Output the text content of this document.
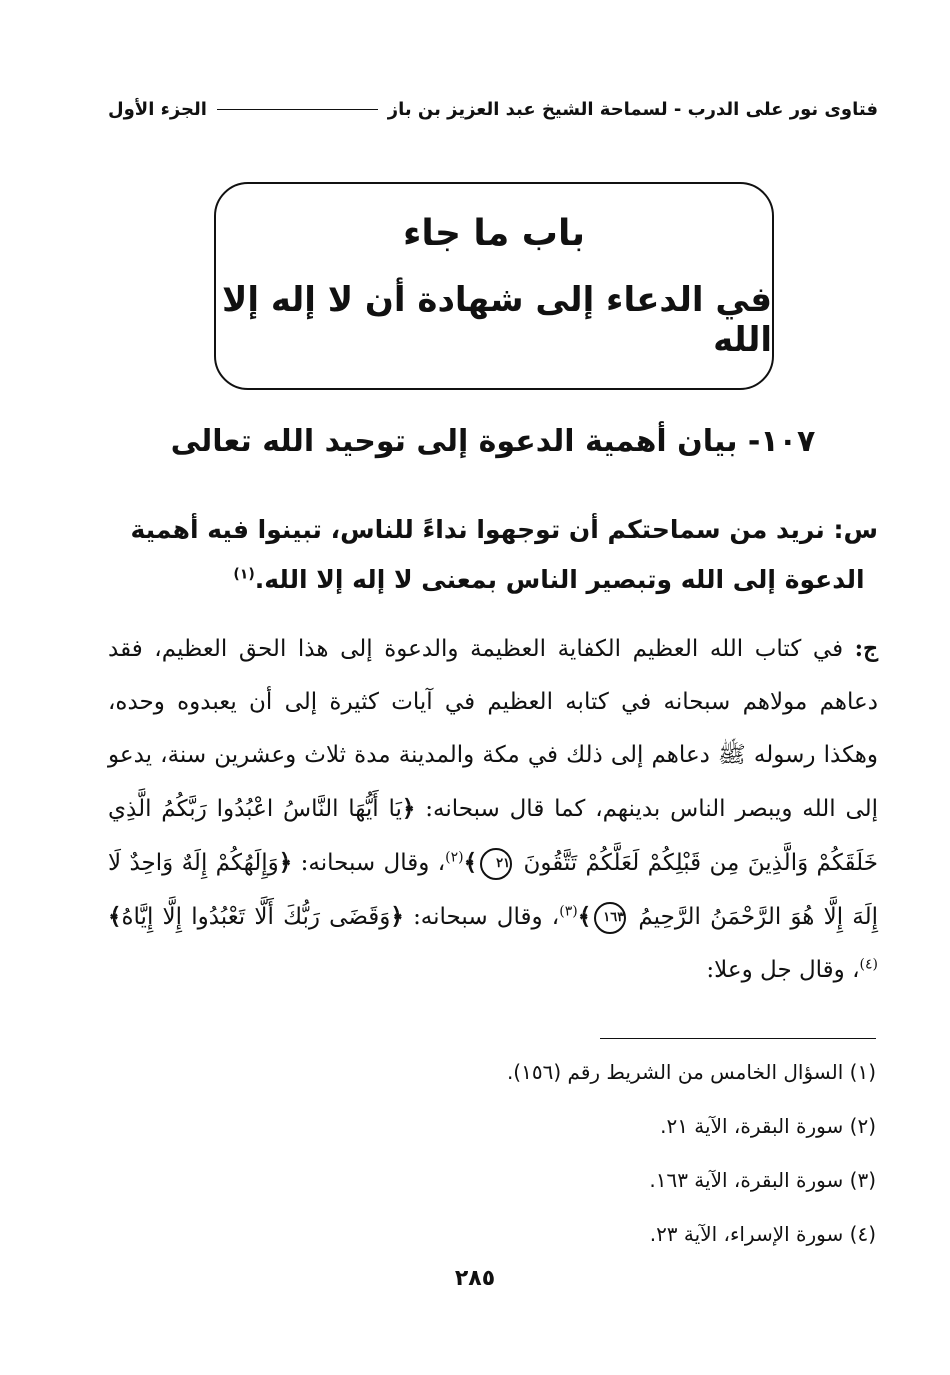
فتاوى نور على الدرب - لسماحة الشيخ عبد العزيز بن باز
الجزء الأول
باب ما جاء
في الدعاء إلى شهادة أن لا إله إلا الله
١٠٧- بيان أهمية الدعوة إلى توحيد الله تعالى
س: نريد من سماحتكم أن توجهوا نداءً للناس، تبينوا فيه أهمية
الدعوة إلى الله وتبصير الناس بمعنى لا إله إلا الله.$^{(١)}$
ج: في كتاب الله العظيم الكفاية العظيمة والدعوة إلى هذا الحق العظيم، فقد دعاهم مولاهم سبحانه في كتابه العظيم في آيات كثيرة إلى أن يعبدوه وحده، وهكذا رسوله ﷺ دعاهم إلى ذلك في مكة والمدينة مدة ثلاث وعشرين سنة، يدعو إلى الله ويبصر الناس بدينهم، كما قال سبحانه: ﴿يَا أَيُّهَا النَّاسُ اعْبُدُوا رَبَّكُمُ الَّذِي خَلَقَكُمْ وَالَّذِينَ مِن قَبْلِكُمْ لَعَلَّكُمْ تَتَّقُونَ ٢١﴾$^{(٢)}$، وقال سبحانه: ﴿وَإِلَهُكُمْ إِلَهٌ وَاحِدٌ لَا إِلَهَ إِلَّا هُوَ الرَّحْمَنُ الرَّحِيمُ ١٦٣﴾$^{(٣)}$، وقال سبحانه: ﴿وَقَضَى رَبُّكَ أَلَّا تَعْبُدُوا إِلَّا إِيَّاهُ﴾$^{(٤)}$، وقال جل وعلا:
(١) السؤال الخامس من الشريط رقم (١٥٦).
(٢) سورة البقرة، الآية ٢١.
(٣) سورة البقرة، الآية ١٦٣.
(٤) سورة الإسراء، الآية ٢٣.
٢٨٥
